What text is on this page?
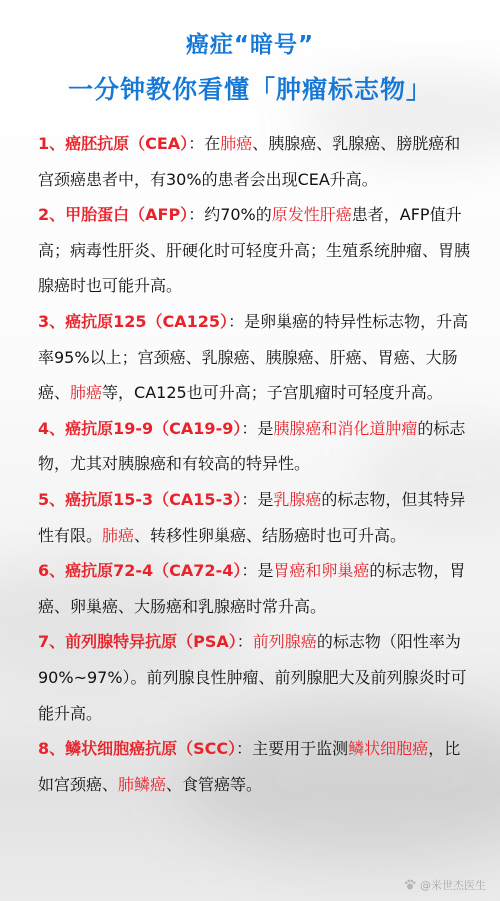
癌症“暗号”
一分钟教你看懂「肿瘤标志物」
1、癌胚抗原（CEA）：在肺癌、胰腺癌、乳腺癌、膀胱癌和宫颈癌患者中，有30%的患者会出现CEA升高。
2、甲胎蛋白（AFP）：约70%的原发性肝癌患者，AFP值升高；病毒性肝炎、肝硬化时可轻度升高；生殖系统肿瘤、胃胰腺癌时也可能升高。
3、癌抗原125（CA125）：是卵巢癌的特异性标志物，升高率95%以上；宫颈癌、乳腺癌、胰腺癌、肝癌、胃癌、大肠癌、肺癌等，CA125也可升高；子宫肌瘤时可轻度升高。
4、癌抗原19-9（CA19-9）：是胰腺癌和消化道肿瘤的标志物，尤其对胰腺癌和有较高的特异性。
5、癌抗原15-3（CA15-3）：是乳腺癌的标志物，但其特异性有限。肺癌、转移性卵巢癌、结肠癌时也可升高。
6、癌抗原72-4（CA72-4）：是胃癌和卵巢癌的标志物，胃癌、卵巢癌、大肠癌和乳腺癌时常升高。
7、前列腺特异抗原（PSA）：前列腺癌的标志物（阳性率为90%~97%）。前列腺良性肿瘤、前列腺肥大及前列腺炎时可能升高。
8、鳞状细胞癌抗原（SCC）：主要用于监测鳞状细胞癌，比如宫颈癌、肺鳞癌、食管癌等。
@米世杰医生
